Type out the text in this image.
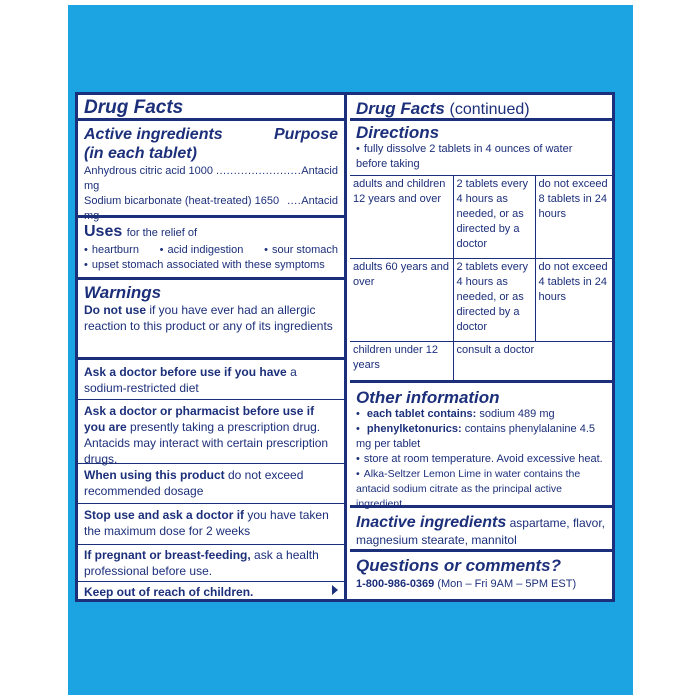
Drug Facts
Active ingredients	Purpose
(in each tablet)
Anhydrous citric acid 1000 mg
........................ Antacid
Sodium bicarbonate (heat-treated) 1650 mg
.... Antacid
Uses for the relief of
• heartburn	• acid indigestion	• sour stomach
• upset stomach associated with these symptoms
Warnings
Do not use if you have ever had an allergic reaction to this product or any of its ingredients
Ask a doctor before use if you have a sodium-restricted diet
Ask a doctor or pharmacist before use if you are presently taking a prescription drug. Antacids may interact with certain prescription drugs.
When using this product do not exceed recommended dosage
Stop use and ask a doctor if you have taken the maximum dose for 2 weeks
If pregnant or breast-feeding, ask a health professional before use.
Keep out of reach of children.
Drug Facts (continued)
Directions
• fully dissolve 2 tablets in 4 ounces of water before taking
adults and children 12 years and over	2 tablets every 4 hours as needed, or as directed by a doctor	do not exceed 8 tablets in 24 hours
adults 60 years and over	2 tablets every 4 hours as needed, or as directed by a doctor	do not exceed 4 tablets in 24 hours
children under 12 years	consult a doctor	
Other information
• each tablet contains: sodium 489 mg
• phenylketonurics: contains phenylalanine 4.5 mg per tablet
• store at room temperature. Avoid excessive heat.
• Alka-Seltzer Lemon Lime in water contains the antacid sodium citrate as the principal active ingredient
Inactive ingredients aspartame, flavor, magnesium stearate, mannitol
Questions or comments?
1-800-986-0369 (Mon – Fri 9AM – 5PM EST)
